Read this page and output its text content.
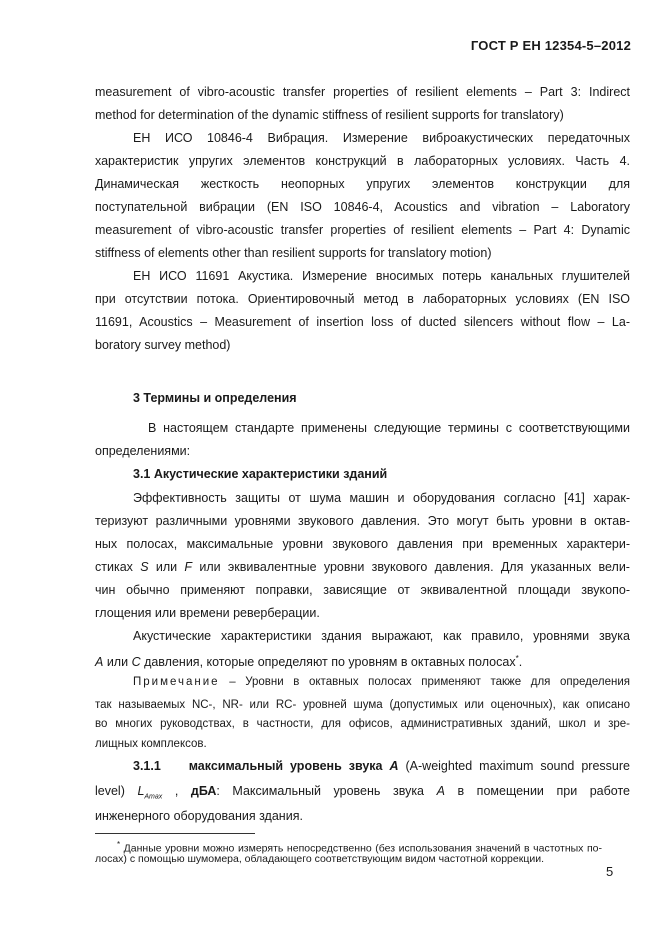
ГОСТ Р ЕН 12354-5–2012
measurement of vibro-acoustic transfer properties of resilient elements – Part 3: Indirect
method for determination of the dynamic stiffness of resilient supports for translatory)
ЕН ИСО 10846-4 Вибрация. Измерение виброакустических передаточных
характеристик упругих элементов конструкций в лабораторных условиях. Часть 4.
Динамическая жесткость неопорных упругих элементов конструкции для
поступательной вибрации (EN ISO 10846-4, Acoustics and vibration – Laboratory
measurement of vibro-acoustic transfer properties of resilient elements – Part 4: Dynamic
stiffness of elements other than resilient supports for translatory motion)
ЕН ИСО 11691 Акустика. Измерение вносимых потерь канальных глушителей
при отсутствии потока. Ориентировочный метод в лабораторных условиях (EN ISO
11691, Acoustics – Measurement of insertion loss of ducted silencers without flow – La-
boratory survey method)
3 Термины и определения
В настоящем стандарте применены следующие термины с соответствующими
определениями:
3.1 Акустические характеристики зданий
Эффективность защиты от шума машин и оборудования согласно [41] харак-
теризуют различными уровнями звукового давления. Это могут быть уровни в октав-
ных полосах, максимальные уровни звукового давления при временных характери-
стиках S или F или эквивалентные уровни звукового давления. Для указанных вели-
чин обычно применяют поправки, зависящие от эквивалентной площади звукопо-
глощения или времени реверберации.
Акустические характеристики здания выражают, как правило, уровнями звука
А или С давления, которые определяют по уровням в октавных полосах*.
Примечание – Уровни в октавных полосах применяют также для определения
так называемых NC-, NR- или RC- уровней шума (допустимых или оценочных), как описано
во многих руководствах, в частности, для офисов, административных зданий, школ и зре-
лищных комплексов.
3.1.1 максимальный уровень звука А (A-weighted maximum sound pressure
level) $L_{Amax}$ , дБА: Максимальный уровень звука А в помещении при работе
инженерного оборудования здания.
* Данные уровни можно измерять непосредственно (без использования значений в частотных по-
лосах) с помощью шумомера, обладающего соответствующим видом частотной коррекции.
5
